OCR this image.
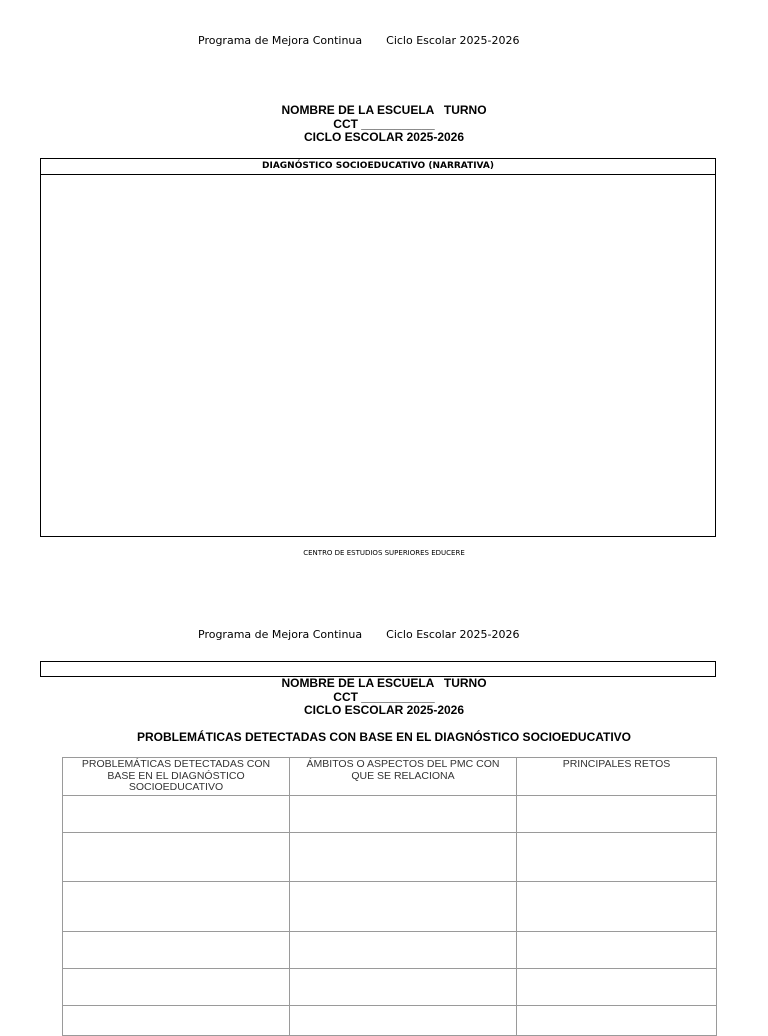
Programa de Mejora Continua Ciclo Escolar 2025-2026
NOMBRE DE LA ESCUELA   TURNO
CCT ___________
CICLO ESCOLAR 2025-2026
DIAGNÓSTICO SOCIOEDUCATIVO (NARRATIVA)
CENTRO DE ESTUDIOS SUPERIORES EDUCERE
Programa de Mejora Continua Ciclo Escolar 2025-2026
NOMBRE DE LA ESCUELA   TURNO
CCT ___________
CICLO ESCOLAR 2025-2026
PROBLEMÁTICAS DETECTADAS CON BASE EN EL DIAGNÓSTICO SOCIOEDUCATIVO
PROBLEMÁTICAS DETECTADAS CON BASE EN EL DIAGNÓSTICO SOCIOEDUCATIVO	ÁMBITOS O ASPECTOS DEL PMC CON QUE SE RELACIONA	PRINCIPALES RETOS
